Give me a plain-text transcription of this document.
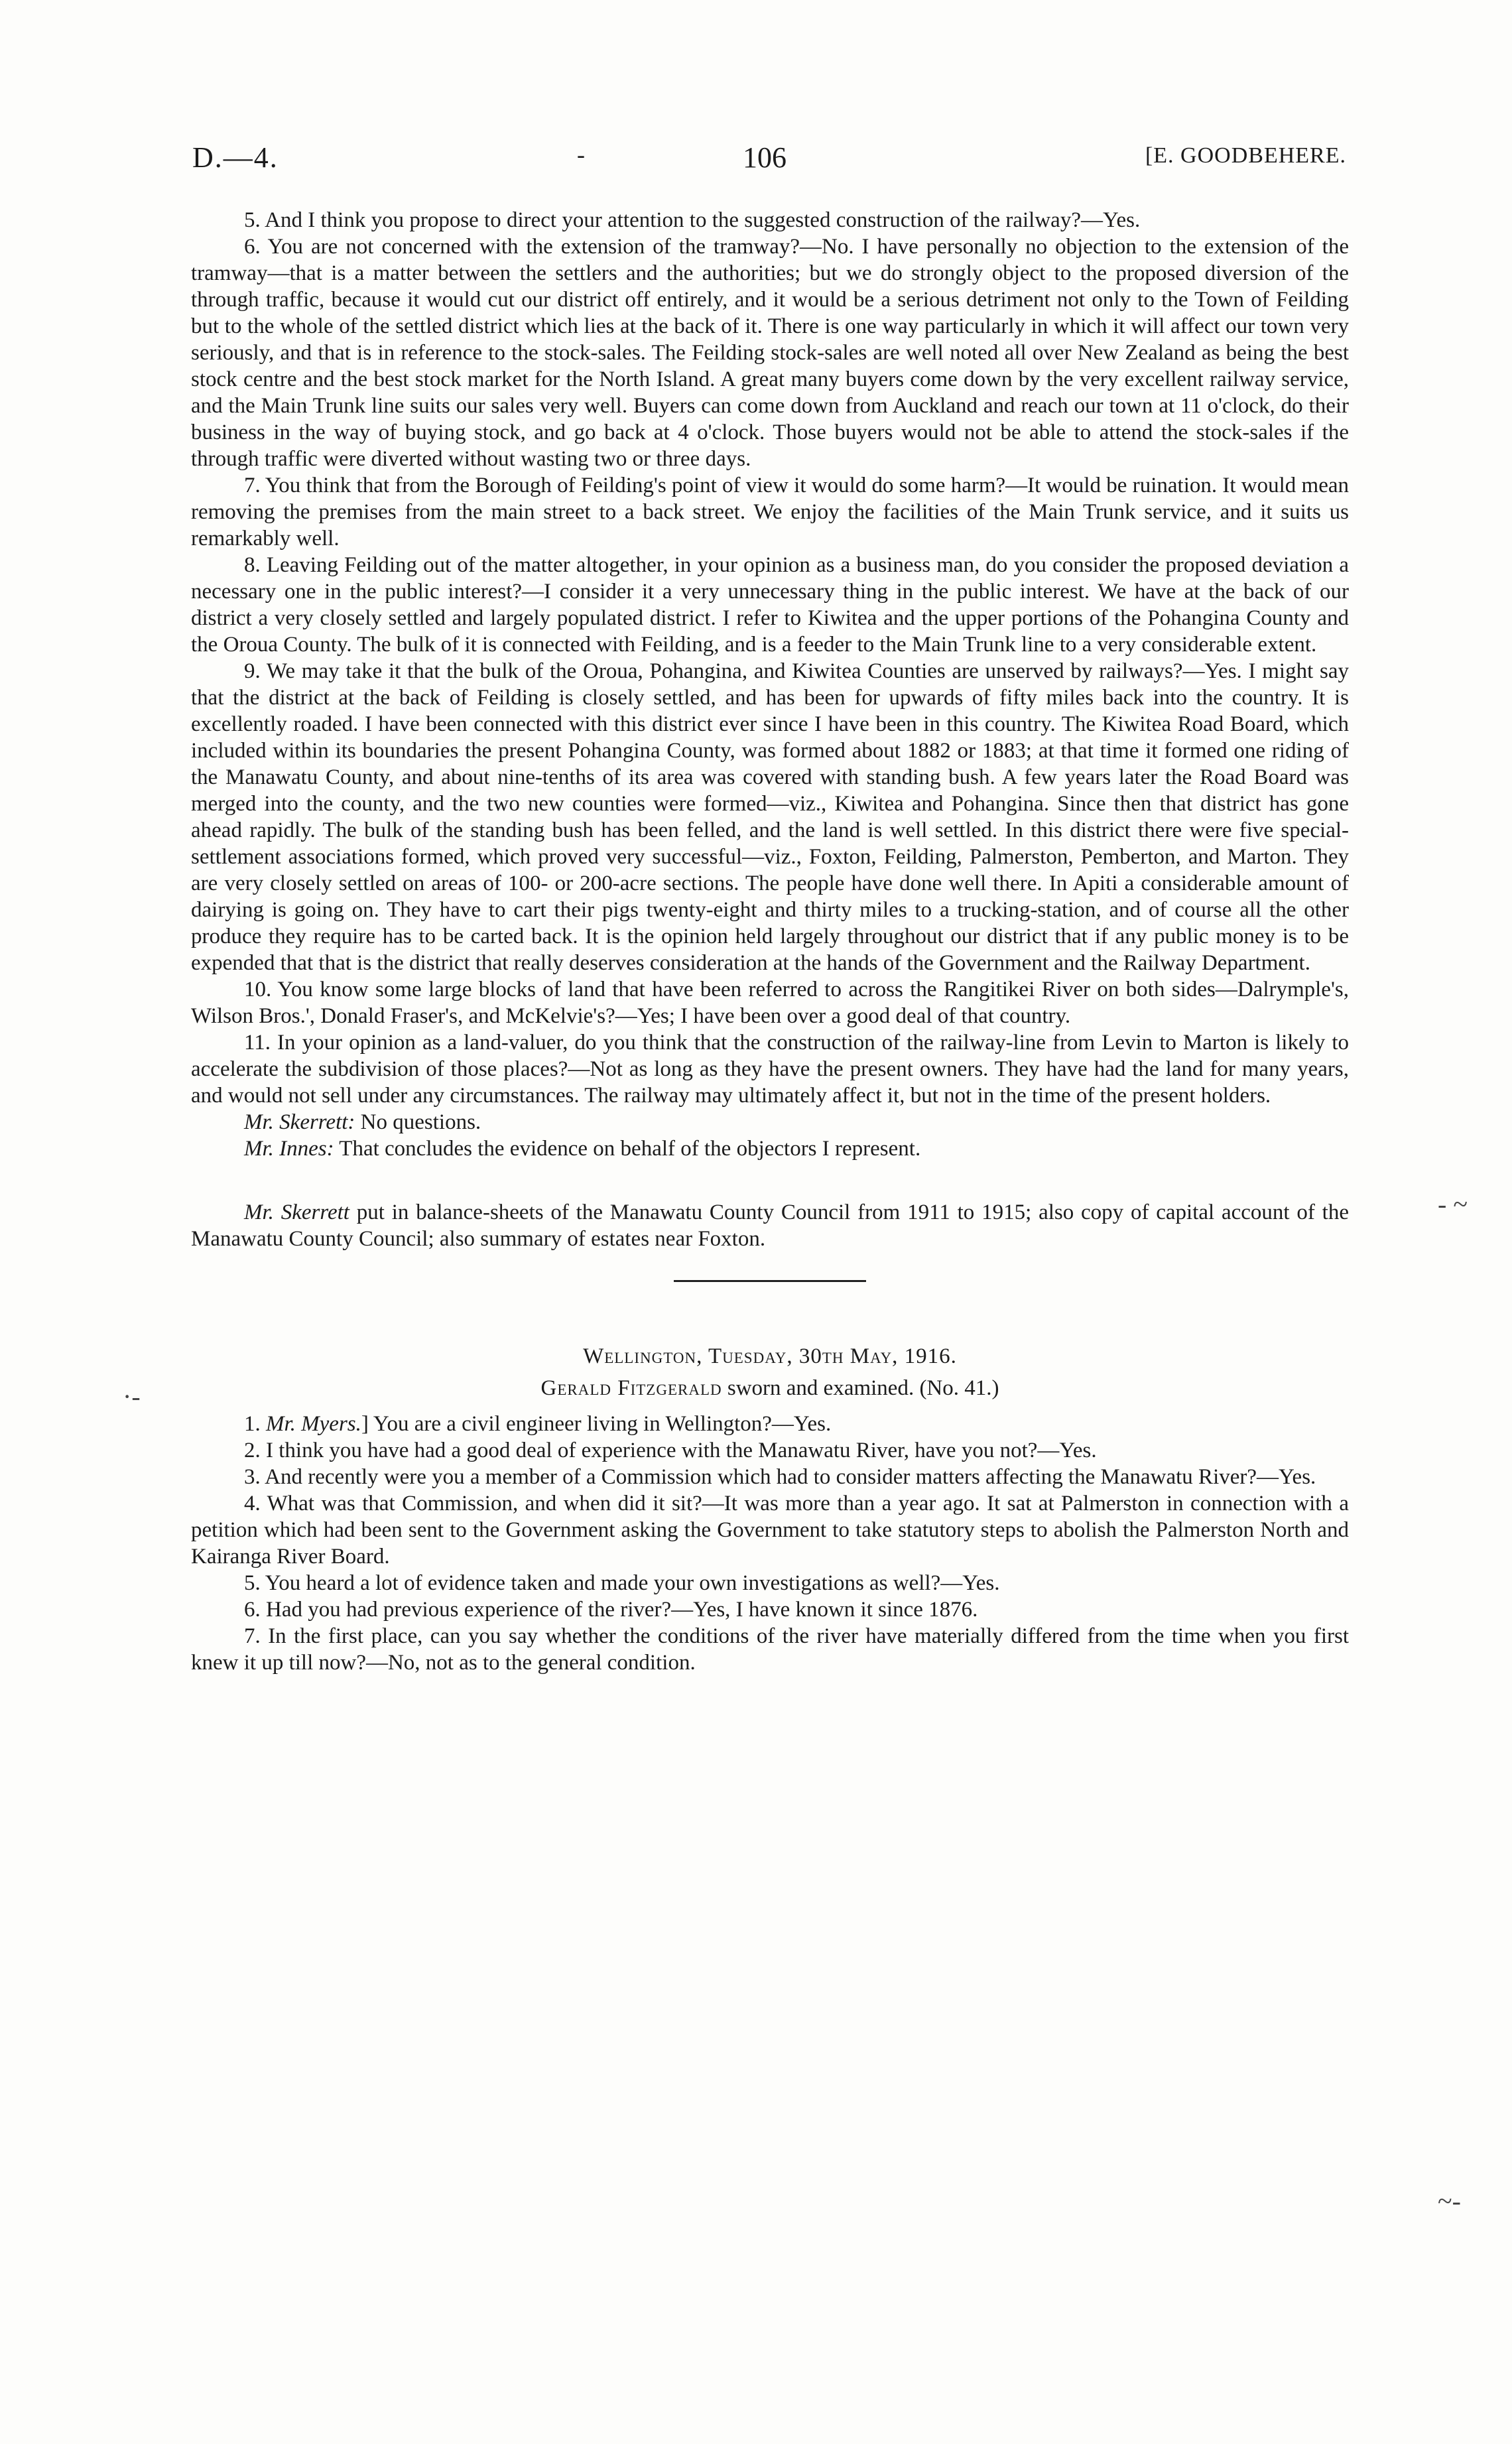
D.—4.	-	106	[E. GOODBEHERE.

5. And I think you propose to direct your attention to the suggested construction of the railway?—Yes.

6. You are not concerned with the extension of the tramway?—No. I have personally no objection to the extension of the tramway—that is a matter between the settlers and the authorities; but we do strongly object to the proposed diversion of the through traffic, because it would cut our district off entirely, and it would be a serious detriment not only to the Town of Feilding but to the whole of the settled district which lies at the back of it. There is one way particularly in which it will affect our town very seriously, and that is in reference to the stock-sales. The Feilding stock-sales are well noted all over New Zealand as being the best stock centre and the best stock market for the North Island. A great many buyers come down by the very excellent railway service, and the Main Trunk line suits our sales very well. Buyers can come down from Auckland and reach our town at 11 o'clock, do their business in the way of buying stock, and go back at 4 o'clock. Those buyers would not be able to attend the stock-sales if the through traffic were diverted without wasting two or three days.

7. You think that from the Borough of Feilding's point of view it would do some harm?—It would be ruination. It would mean removing the premises from the main street to a back street. We enjoy the facilities of the Main Trunk service, and it suits us remarkably well.

8. Leaving Feilding out of the matter altogether, in your opinion as a business man, do you consider the proposed deviation a necessary one in the public interest?—I consider it a very unnecessary thing in the public interest. We have at the back of our district a very closely settled and largely populated district. I refer to Kiwitea and the upper portions of the Pohangina County and the Oroua County. The bulk of it is connected with Feilding, and is a feeder to the Main Trunk line to a very considerable extent.

9. We may take it that the bulk of the Oroua, Pohangina, and Kiwitea Counties are unserved by railways?—Yes. I might say that the district at the back of Feilding is closely settled, and has been for upwards of fifty miles back into the country. It is excellently roaded. I have been connected with this district ever since I have been in this country. The Kiwitea Road Board, which included within its boundaries the present Pohangina County, was formed about 1882 or 1883; at that time it formed one riding of the Manawatu County, and about nine-tenths of its area was covered with standing bush. A few years later the Road Board was merged into the county, and the two new counties were formed—viz., Kiwitea and Pohangina. Since then that district has gone ahead rapidly. The bulk of the standing bush has been felled, and the land is well settled. In this district there were five special-settlement associations formed, which proved very successful—viz., Foxton, Feilding, Palmerston, Pemberton, and Marton. They are very closely settled on areas of 100- or 200-acre sections. The people have done well there. In Apiti a considerable amount of dairying is going on. They have to cart their pigs twenty-eight and thirty miles to a trucking-station, and of course all the other produce they require has to be carted back. It is the opinion held largely throughout our district that if any public money is to be expended that that is the district that really deserves consideration at the hands of the Government and the Railway Department.

10. You know some large blocks of land that have been referred to across the Rangitikei River on both sides—Dalrymple's, Wilson Bros.', Donald Fraser's, and McKelvie's?—Yes; I have been over a good deal of that country.

11. In your opinion as a land-valuer, do you think that the construction of the railway-line from Levin to Marton is likely to accelerate the subdivision of those places?—Not as long as they have the present owners. They have had the land for many years, and would not sell under any circumstances. The railway may ultimately affect it, but not in the time of the present holders.

Mr. Skerrett: No questions.

Mr. Innes: That concludes the evidence on behalf of the objectors I represent.

Mr. Skerrett put in balance-sheets of the Manawatu County Council from 1911 to 1915; also copy of capital account of the Manawatu County Council; also summary of estates near Foxton.

Wellington, Tuesday, 30th May, 1916.

Gerald Fitzgerald sworn and examined. (No. 41.)

1. Mr. Myers.] You are a civil engineer living in Wellington?—Yes.

2. I think you have had a good deal of experience with the Manawatu River, have you not?—Yes.

3. And recently were you a member of a Commission which had to consider matters affecting the Manawatu River?—Yes.

4. What was that Commission, and when did it sit?—It was more than a year ago. It sat at Palmerston in connection with a petition which had been sent to the Government asking the Government to take statutory steps to abolish the Palmerston North and Kairanga River Board.

5. You heard a lot of evidence taken and made your own investigations as well?—Yes.

6. Had you had previous experience of the river?—Yes, I have known it since 1876.

7. In the first place, can you say whether the conditions of the river have materially differed from the time when you first knew it up till now?—No, not as to the general condition.

- ~
·-
~-
